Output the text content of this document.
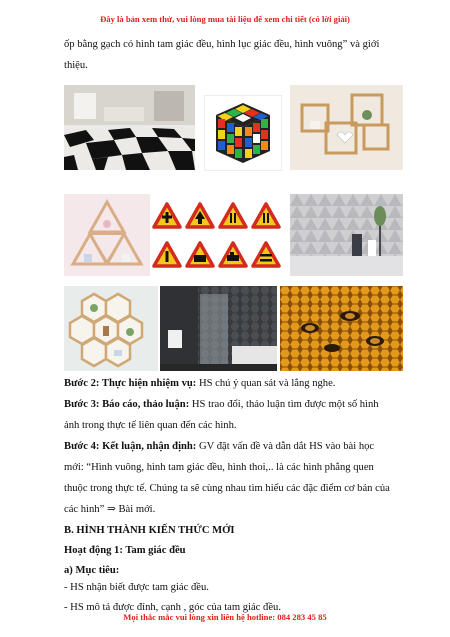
Đây là bản xem thử, vui lòng mua tài liệu để xem chi tiết (có lời giải)

ốp bằng gạch có hình tam giác đều, hình lục giác đều, hình vuông” và giới

thiệu.

Bước 2: Thực hiện nhiệm vụ: HS chú ý quan sát và lắng nghe.

Bước 3: Báo cáo, thảo luận: HS trao đổi, thảo luận tìm được một số hình

ảnh trong thực tế liên quan đến các hình.

Bước 4: Kết luận, nhận định: GV đặt vấn đề và dẫn dắt HS vào bài học

mới: “Hình vuông, hình tam giác đều, hình thoi,.. là các hình phẳng quen

thuộc trong thực tế. Chúng ta sẽ cùng nhau tìm hiểu các đặc điểm cơ bản của

các hình” ⇒ Bài mới.

B. HÌNH THÀNH KIẾN THỨC MỚI

Hoạt động 1: Tam giác đều

a) Mục tiêu:

- HS nhận biết được tam giác đều.

- HS mô tả được đỉnh, cạnh , góc của tam giác đều.

Mọi thắc mắc vui lòng xin liên hệ hotline: 084 283 45 85
